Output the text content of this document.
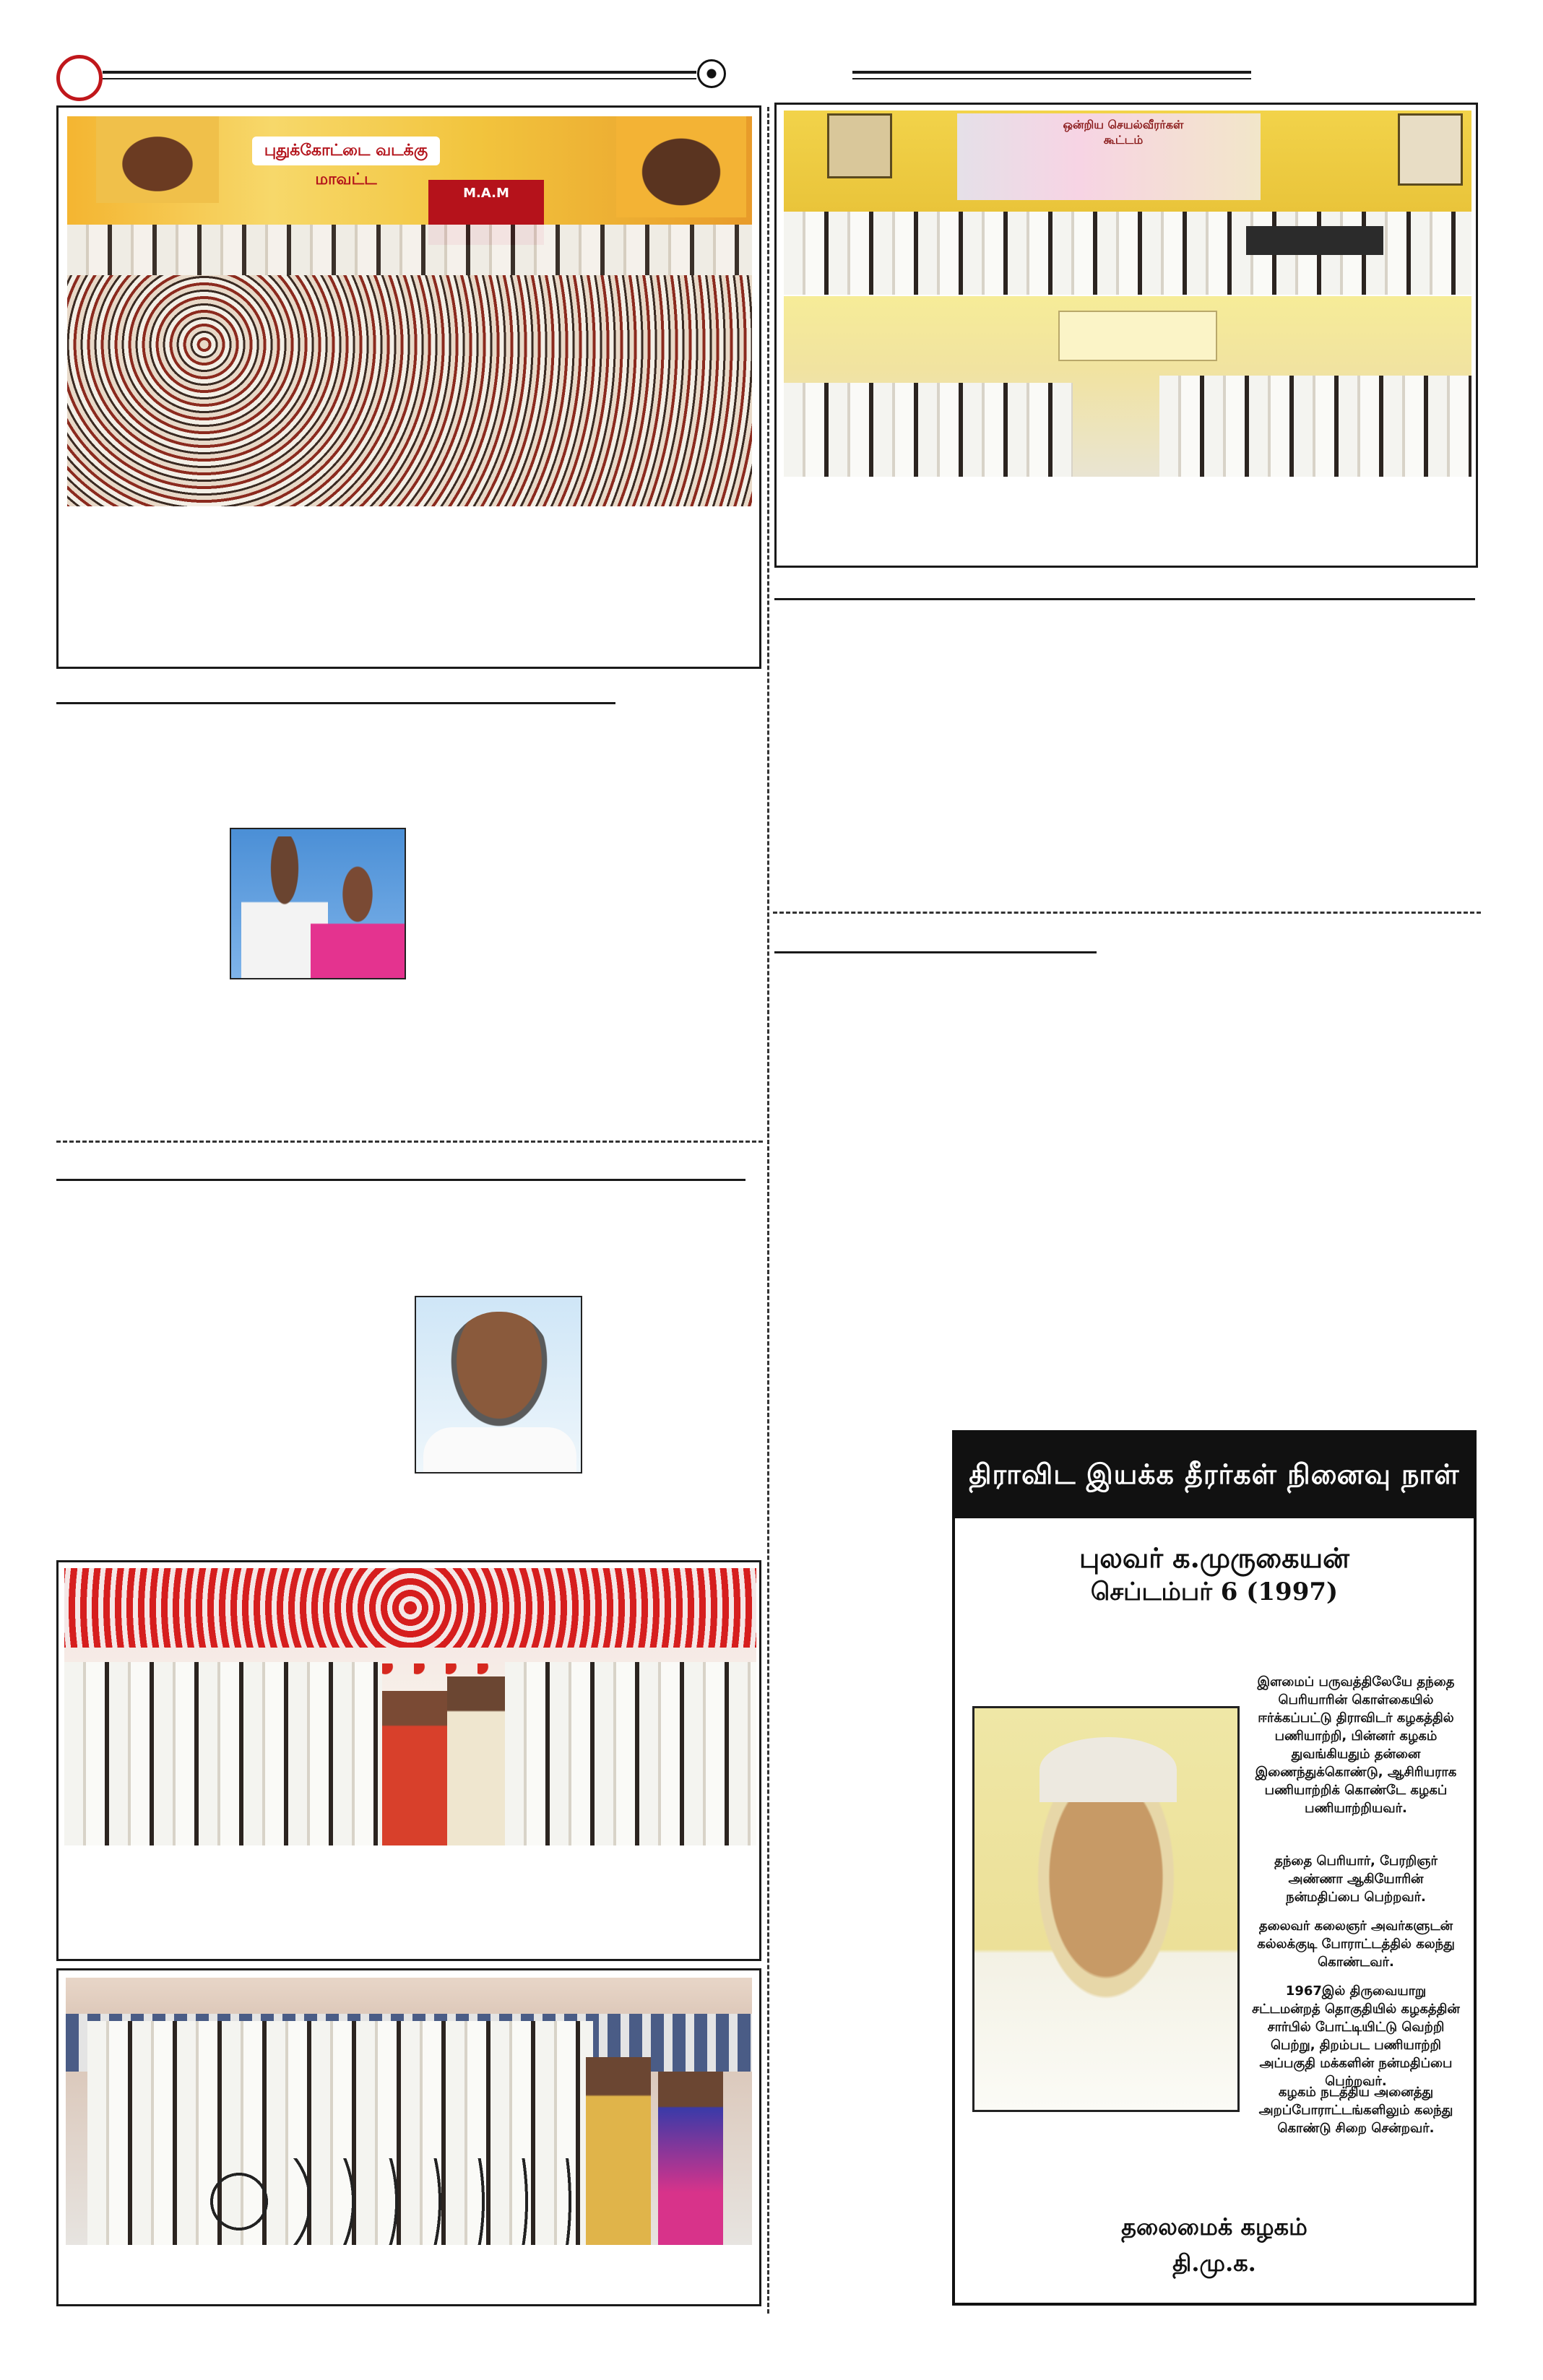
புதுக்கோட்டை வடக்கு மாவட்ட
M.A.M
ஒன்றிய செயல்வீரர்கள் கூட்டம்
திராவிட இயக்க தீரர்கள் நினைவு நாள்
புலவர் க.முருகையன்
செப்டம்பர் 6 (1997)
இளமைப் பருவத்திலேயே தந்தை பெரியாரின் கொள்கையில் ஈர்க்கப்பட்டு திராவிடர் கழகத்தில் பணியாற்றி, பின்னர் கழகம் துவங்கியதும் தன்னை இணைந்துக்கொண்டு, ஆசிரியராக பணியாற்றிக் கொண்டே கழகப் பணியாற்றியவர்.
தந்தை பெரியார், பேரறிஞர் அண்ணா ஆகியோரின் நன்மதிப்பை பெற்றவர்.
தலைவர் கலைஞர் அவர்களுடன் கல்லக்குடி போராட்டத்தில் கலந்து கொண்டவர்.
1967இல் திருவையாறு சட்டமன்றத் தொகுதியில் கழகத்தின் சார்பில் போட்டியிட்டு வெற்றி பெற்று, திறம்பட பணியாற்றி அப்பகுதி மக்களின் நன்மதிப்பை பெற்றவர்.
கழகம் நடத்திய அனைத்து அறப்போராட்டங்களிலும் கலந்து கொண்டு சிறை சென்றவர்.
தலைமைக் கழகம்
தி.மு.க.
